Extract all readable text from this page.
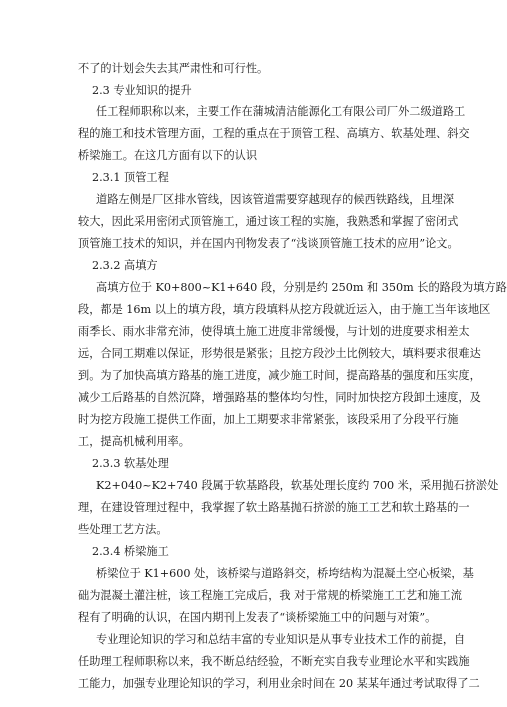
不了的计划会失去其严肃性和可行性。
2.3 专业知识的提升
任工程师职称以来，主要工作在蒲城清洁能源化工有限公司厂外二级道路工
程的施工和技术管理方面，工程的重点在于顶管工程、高填方、软基处理、斜交
桥梁施工。在这几方面有以下的认识
2.3.1 顶管工程
道路左侧是厂区排水管线，因该管道需要穿越现存的候西铁路线，且埋深
较大，因此采用密闭式顶管施工，通过该工程的实施，我熟悉和掌握了密闭式
顶管施工技术的知识，并在国内刊物发表了“浅谈顶管施工技术的应用”论文。
2.3.2 高填方
高填方位于 K0+800~K1+640 段，分别是约 250m 和 350m 长的路段为填方路
段，都是 16m 以上的填方段，填方段填料从挖方段就近运入，由于施工当年该地区
雨季长、雨水非常充沛，使得填土施工进度非常缓慢，与计划的进度要求相差太
远，合同工期难以保证，形势很是紧张；且挖方段沙土比例较大，填料要求很难达
到。为了加快高填方路基的施工进度，减少施工时间，提高路基的强度和压实度，
减少工后路基的自然沉降，增强路基的整体均匀性，同时加快挖方段卸土速度，及
时为挖方段施工提供工作面，加上工期要求非常紧张，该段采用了分段平行施
工，提高机械利用率。
2.3.3 软基处理
K2+040~K2+740 段属于软基路段，软基处理长度约 700 米，采用抛石挤淤处
理，在建设管理过程中，我掌握了软土路基抛石挤淤的施工工艺和软土路基的一
些处理工艺方法。
2.3.4 桥梁施工
桥梁位于 K1+600 处，该桥梁与道路斜交，桥垮结构为混凝土空心板梁，基
础为混凝土灌注桩，该工程施工完成后，我 对于常规的桥梁施工工艺和施工流
程有了明确的认识，在国内期刊上发表了“谈桥梁施工中的问题与对策”。
专业理论知识的学习和总结丰富的专业知识是从事专业技术工作的前提，自
任助理工程师职称以来，我不断总结经验，不断充实自我专业理论水平和实践施
工能力，加强专业理论知识的学习，利用业余时间在 20 某某年通过考试取得了二
